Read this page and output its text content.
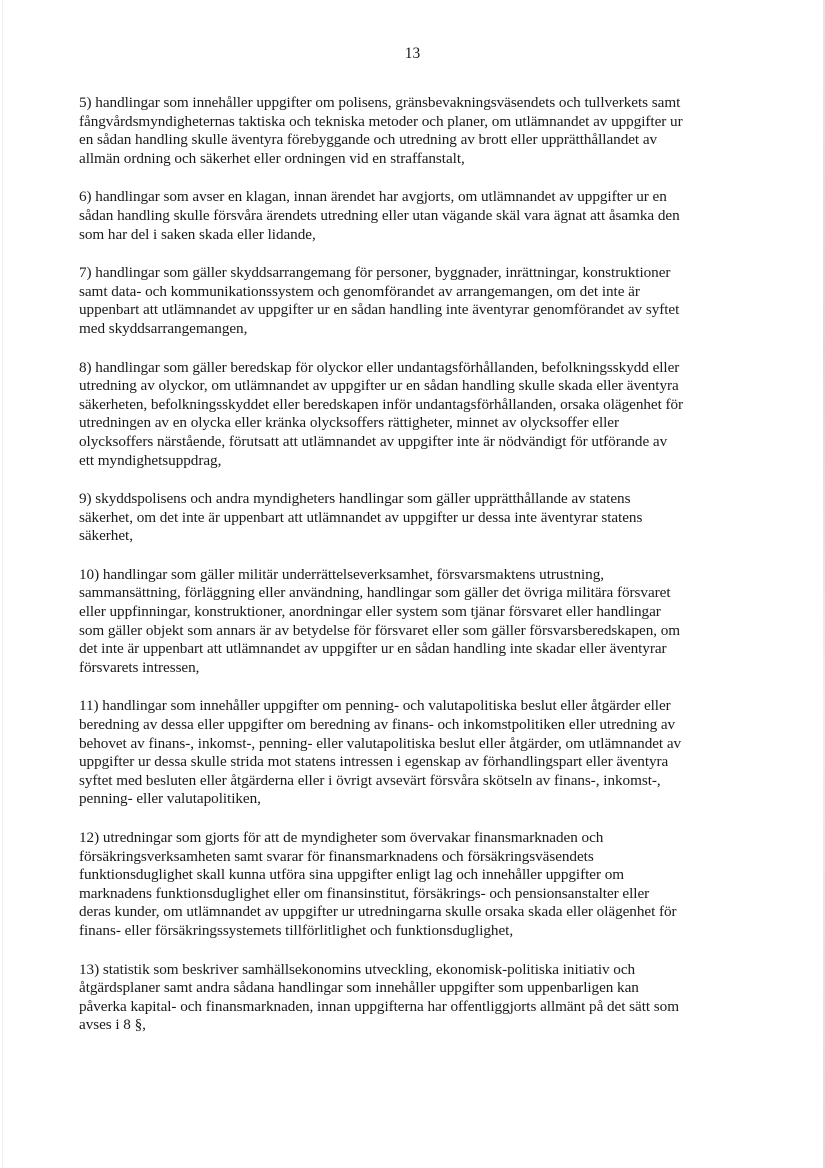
13

5) handlingar som innehåller uppgifter om polisens, gränsbevakningsväsendets och tullverkets samt
fångvårdsmyndigheternas taktiska och tekniska metoder och planer, om utlämnandet av uppgifter ur
en sådan handling skulle äventyra förebyggande och utredning av brott eller upprätthållandet av
allmän ordning och säkerhet eller ordningen vid en straffanstalt,

6) handlingar som avser en klagan, innan ärendet har avgjorts, om utlämnandet av uppgifter ur en
sådan handling skulle försvåra ärendets utredning eller utan vägande skäl vara ägnat att åsamka den
som har del i saken skada eller lidande,

7) handlingar som gäller skyddsarrangemang för personer, byggnader, inrättningar, konstruktioner
samt data- och kommunikationssystem och genomförandet av arrangemangen, om det inte är
uppenbart att utlämnandet av uppgifter ur en sådan handling inte äventyrar genomförandet av syftet
med skyddsarrangemangen,

8) handlingar som gäller beredskap för olyckor eller undantagsförhållanden, befolkningsskydd eller
utredning av olyckor, om utlämnandet av uppgifter ur en sådan handling skulle skada eller äventyra
säkerheten, befolkningsskyddet eller beredskapen inför undantagsförhållanden, orsaka olägenhet för
utredningen av en olycka eller kränka olycksoffers rättigheter, minnet av olycksoffer eller
olycksoffers närstående, förutsatt att utlämnandet av uppgifter inte är nödvändigt för utförande av
ett myndighetsuppdrag,

9) skyddspolisens och andra myndigheters handlingar som gäller upprätthållande av statens
säkerhet, om det inte är uppenbart att utlämnandet av uppgifter ur dessa inte äventyrar statens
säkerhet,

10) handlingar som gäller militär underrättelseverksamhet, försvarsmaktens utrustning,
sammansättning, förläggning eller användning, handlingar som gäller det övriga militära försvaret
eller uppfinningar, konstruktioner, anordningar eller system som tjänar försvaret eller handlingar
som gäller objekt som annars är av betydelse för försvaret eller som gäller försvarsberedskapen, om
det inte är uppenbart att utlämnandet av uppgifter ur en sådan handling inte skadar eller äventyrar
försvarets intressen,

11) handlingar som innehåller uppgifter om penning- och valutapolitiska beslut eller åtgärder eller
beredning av dessa eller uppgifter om beredning av finans- och inkomstpolitiken eller utredning av
behovet av finans-, inkomst-, penning- eller valutapolitiska beslut eller åtgärder, om utlämnandet av
uppgifter ur dessa skulle strida mot statens intressen i egenskap av förhandlingspart eller äventyra
syftet med besluten eller åtgärderna eller i övrigt avsevärt försvåra skötseln av finans-, inkomst-,
penning- eller valutapolitiken,

12) utredningar som gjorts för att de myndigheter som övervakar finansmarknaden och
försäkringsverksamheten samt svarar för finansmarknadens och försäkringsväsendets
funktionsduglighet skall kunna utföra sina uppgifter enligt lag och innehåller uppgifter om
marknadens funktionsduglighet eller om finansinstitut, försäkrings- och pensionsanstalter eller
deras kunder, om utlämnandet av uppgifter ur utredningarna skulle orsaka skada eller olägenhet för
finans- eller försäkringssystemets tillförlitlighet och funktionsduglighet,

13) statistik som beskriver samhällsekonomins utveckling, ekonomisk-politiska initiativ och
åtgärdsplaner samt andra sådana handlingar som innehåller uppgifter som uppenbarligen kan
påverka kapital- och finansmarknaden, innan uppgifterna har offentliggjorts allmänt på det sätt som
avses i 8 §,
